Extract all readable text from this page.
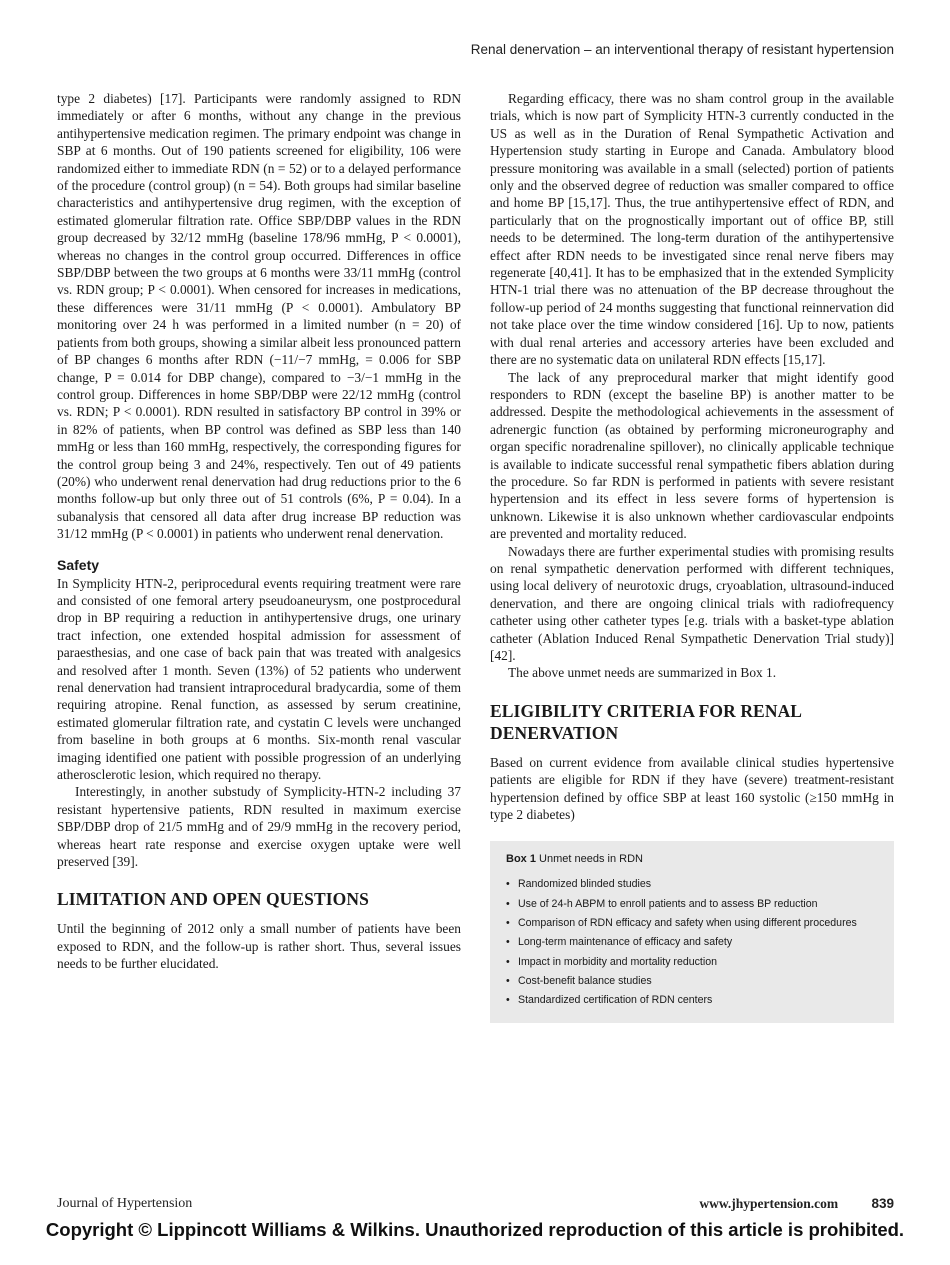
Renal denervation – an interventional therapy of resistant hypertension

type 2 diabetes) [17]. Participants were randomly assigned to RDN immediately or after 6 months, without any change in the previous antihypertensive medication regimen. The primary endpoint was change in SBP at 6 months. Out of 190 patients screened for eligibility, 106 were randomized either to immediate RDN (n = 52) or to a delayed performance of the procedure (control group) (n = 54). Both groups had similar baseline characteristics and antihypertensive drug regimen, with the exception of estimated glomerular filtration rate. Office SBP/DBP values in the RDN group decreased by 32/12 mmHg (baseline 178/96 mmHg, P < 0.0001), whereas no changes in the control group occurred. Differences in office SBP/DBP between the two groups at 6 months were 33/11 mmHg (control vs. RDN group; P < 0.0001). When censored for increases in medications, these differences were 31/11 mmHg (P < 0.0001). Ambulatory BP monitoring over 24 h was performed in a limited number (n = 20) of patients from both groups, showing a similar albeit less pronounced pattern of BP changes 6 months after RDN (−11/−7 mmHg, = 0.006 for SBP change, P = 0.014 for DBP change), compared to −3/−1 mmHg in the control group. Differences in home SBP/DBP were 22/12 mmHg (control vs. RDN; P < 0.0001). RDN resulted in satisfactory BP control in 39% or in 82% of patients, when BP control was defined as SBP less than 140 mmHg or less than 160 mmHg, respectively, the corresponding figures for the control group being 3 and 24%, respectively. Ten out of 49 patients (20%) who underwent renal denervation had drug reductions prior to the 6 months follow-up but only three out of 51 controls (6%, P = 0.04). In a subanalysis that censored all data after drug increase BP reduction was 31/12 mmHg (P < 0.0001) in patients who underwent renal denervation.

Safety

In Symplicity HTN-2, periprocedural events requiring treatment were rare and consisted of one femoral artery pseudoaneurysm, one postprocedural drop in BP requiring a reduction in antihypertensive drugs, one urinary tract infection, one extended hospital admission for assessment of paraesthesias, and one case of back pain that was treated with analgesics and resolved after 1 month. Seven (13%) of 52 patients who underwent renal denervation had transient intraprocedural bradycardia, some of them requiring atropine. Renal function, as assessed by serum creatinine, estimated glomerular filtration rate, and cystatin C levels were unchanged from baseline in both groups at 6 months. Six-month renal vascular imaging identified one patient with possible progression of an underlying atherosclerotic lesion, which required no therapy.

Interestingly, in another substudy of Symplicity-HTN-2 including 37 resistant hypertensive patients, RDN resulted in maximum exercise SBP/DBP drop of 21/5 mmHg and of 29/9 mmHg in the recovery period, whereas heart rate response and exercise oxygen uptake were well preserved [39].

LIMITATION AND OPEN QUESTIONS

Until the beginning of 2012 only a small number of patients have been exposed to RDN, and the follow-up is rather short. Thus, several issues needs to be further elucidated.

Regarding efficacy, there was no sham control group in the available trials, which is now part of Symplicity HTN-3 currently conducted in the US as well as in the Duration of Renal Sympathetic Activation and Hypertension study starting in Europe and Canada. Ambulatory blood pressure monitoring was available in a small (selected) portion of patients only and the observed degree of reduction was smaller compared to office and home BP [15,17]. Thus, the true antihypertensive effect of RDN, and particularly that on the prognostically important out of office BP, still needs to be determined. The long-term duration of the antihypertensive effect after RDN needs to be investigated since renal nerve fibers may regenerate [40,41]. It has to be emphasized that in the extended Symplicity HTN-1 trial there was no attenuation of the BP decrease throughout the follow-up period of 24 months suggesting that functional reinnervation did not take place over the time window considered [16]. Up to now, patients with dual renal arteries and accessory arteries have been excluded and there are no systematic data on unilateral RDN effects [15,17].

The lack of any preprocedural marker that might identify good responders to RDN (except the baseline BP) is another matter to be addressed. Despite the methodological achievements in the assessment of adrenergic function (as obtained by performing microneurography and organ specific noradrenaline spillover), no clinically applicable technique is available to indicate successful renal sympathetic fibers ablation during the procedure. So far RDN is performed in patients with severe resistant hypertension and its effect in less severe forms of hypertension is unknown. Likewise it is also unknown whether cardiovascular endpoints are prevented and mortality reduced.

Nowadays there are further experimental studies with promising results on renal sympathetic denervation performed with different techniques, using local delivery of neurotoxic drugs, cryoablation, ultrasound-induced denervation, and there are ongoing clinical trials with radiofrequency catheter using other catheter types [e.g. trials with a basket-type ablation catheter (Ablation Induced Renal Sympathetic Denervation Trial study)] [42].

The above unmet needs are summarized in Box 1.

ELIGIBILITY CRITERIA FOR RENAL DENERVATION

Based on current evidence from available clinical studies hypertensive patients are eligible for RDN if they have (severe) treatment-resistant hypertension defined by office SBP at least 160 systolic (≥150 mmHg in type 2 diabetes)

Box 1 Unmet needs in RDN
• Randomized blinded studies
• Use of 24-h ABPM to enroll patients and to assess BP reduction
• Comparison of RDN efficacy and safety when using different procedures
• Long-term maintenance of efficacy and safety
• Impact in morbidity and mortality reduction
• Cost-benefit balance studies
• Standardized certification of RDN centers
Journal of Hypertension	www.jhypertension.com 839
Copyright © Lippincott Williams & Wilkins. Unauthorized reproduction of this article is prohibited.
